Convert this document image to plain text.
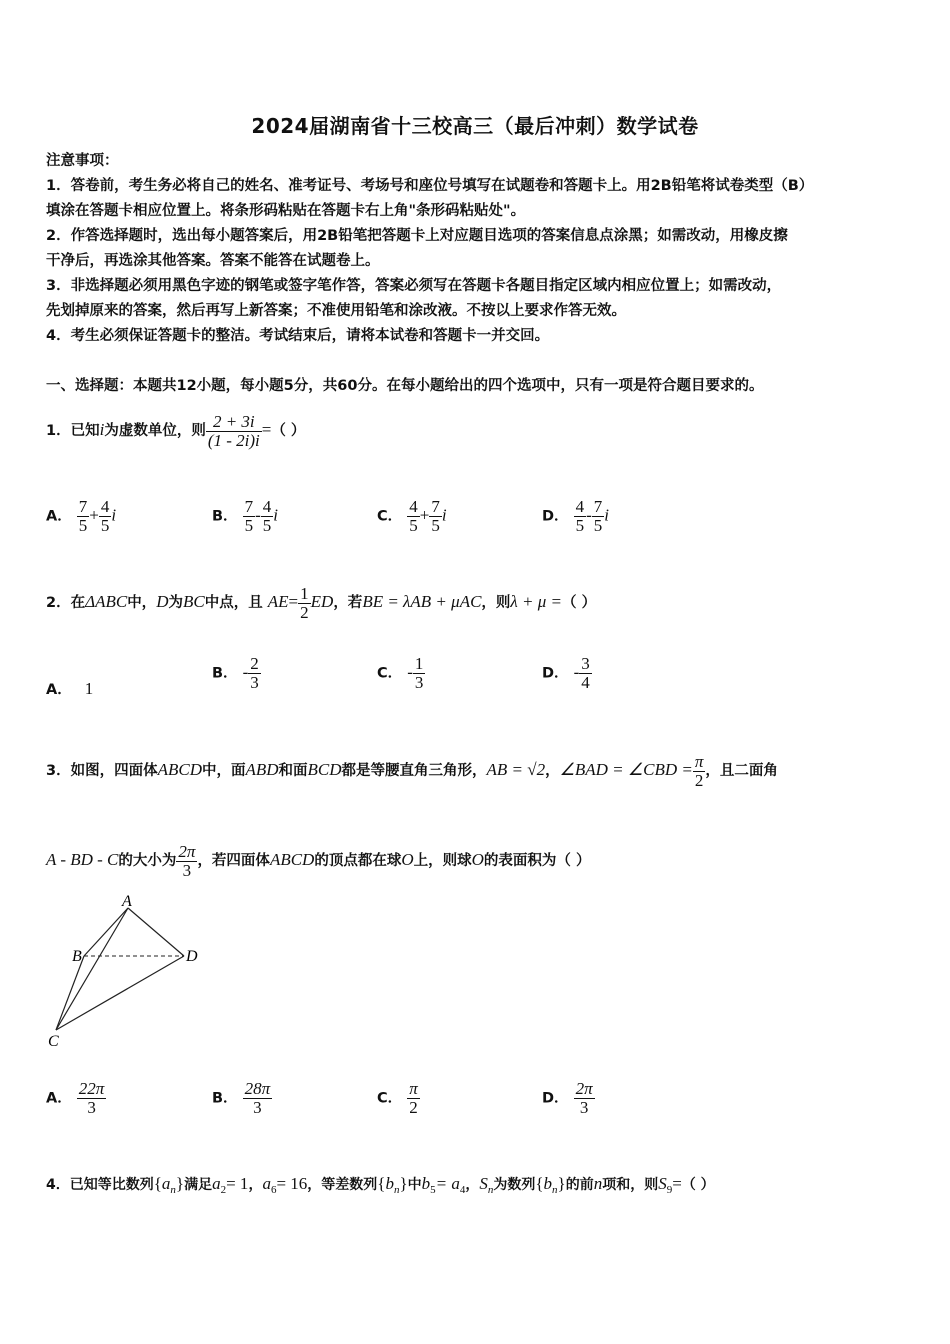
2024届湖南省十三校高三（最后冲刺）数学试卷
注意事项：
1．答卷前，考生务必将自己的姓名、准考证号、考场号和座位号填写在试题卷和答题卡上。用2B铅笔将试卷类型（B）
填涂在答题卡相应位置上。将条形码粘贴在答题卡右上角"条形码粘贴处"。
2．作答选择题时，选出每小题答案后，用2B铅笔把答题卡上对应题目选项的答案信息点涂黑；如需改动，用橡皮擦
干净后，再选涂其他答案。答案不能答在试题卷上。
3．非选择题必须用黑色字迹的钢笔或签字笔作答，答案必须写在答题卡各题目指定区域内相应位置上；如需改动，
先划掉原来的答案，然后再写上新答案；不准使用铅笔和涂改液。不按以上要求作答无效。
4．考生必须保证答题卡的整洁。考试结束后，请将本试卷和答题卡一并交回。
一、选择题：本题共12小题，每小题5分，共60分。在每小题给出的四个选项中，只有一项是符合题目要求的。
1．已知i为虚数单位，则 $\frac{2 + 3i}{(1 - 2i)i}$ =（ ）
A． $\frac{7}{5} + \frac{4}{5}$ i	B． $\frac{7}{5} - \frac{4}{5}$ i	C． $\frac{4}{5} + \frac{7}{5}$ i	D． $\frac{4}{5} - \frac{7}{5}$ i
2．在ΔABC中，D为BC中点，且 $AE= \frac{1}{2}$ ED，若BE = λAB + μAC，则λ + μ =（ ）
A． 1
B． - $\frac{2}{3}$	C． - $\frac{1}{3}$	D． - $\frac{3}{4}$
3．如图，四面体ABCD中，面ABD和面BCD都是等腰直角三角形，AB = √2，∠BAD = ∠CBD = $\frac{\pi}{2}$ ，且二面角
A - BD - C的大小为 $\frac{2\pi}{3}$ ，若四面体ABCD的顶点都在球O上，则球O的表面积为（ ）
A
B
C
D
A． $\frac{22\pi}{3}$	B． $\frac{28\pi}{3}$	C． $\frac{\pi}{2}$	D． $\frac{2\pi}{3}$
4．已知等比数列$\{a_n\}$满足$a_2= 1$，$a_6= 16$，等差数列$\{b_n\}$中$b_5= a_4$，$S_n$为数列$\{b_n\}$的前n项和，则$S_9=$（ ）
